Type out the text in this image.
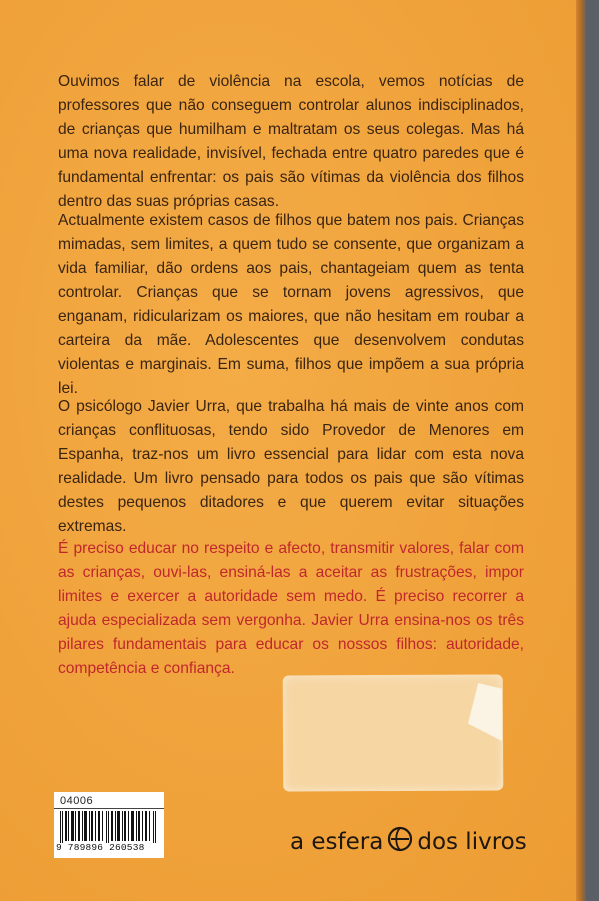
Ouvimos falar de violência na escola, vemos notícias de professores que não conseguem controlar alunos indisciplinados, de crianças que humilham e maltratam os seus colegas. Mas há uma nova realidade, invisível, fechada entre quatro paredes que é fundamental enfrentar: os pais são vítimas da violência dos filhos dentro das suas próprias casas.

Actualmente existem casos de filhos que batem nos pais. Crianças mimadas, sem limites, a quem tudo se consente, que organizam a vida familiar, dão ordens aos pais, chantageiam quem as tenta controlar. Crianças que se tornam jovens agressivos, que enganam, ridicularizam os maiores, que não hesitam em roubar a carteira da mãe. Adolescentes que desenvolvem condutas violentas e marginais. Em suma, filhos que impõem a sua própria lei.

O psicólogo Javier Urra, que trabalha há mais de vinte anos com crianças conflituosas, tendo sido Provedor de Menores em Espanha, traz-nos um livro essencial para lidar com esta nova realidade. Um livro pensado para todos os pais que são vítimas destes pequenos ditadores e que querem evitar situações extremas.

É preciso educar no respeito e afecto, transmitir valores, falar com as crianças, ouvi-las, ensiná-las a aceitar as frustrações, impor limites e exercer a autoridade sem medo. É preciso recorrer a ajuda especializada sem vergonha. Javier Urra ensina-nos os três pilares fundamentais para educar os nossos filhos: autoridade, competência e confiança.

04006
9 789896 260538	a esfera dos livros
